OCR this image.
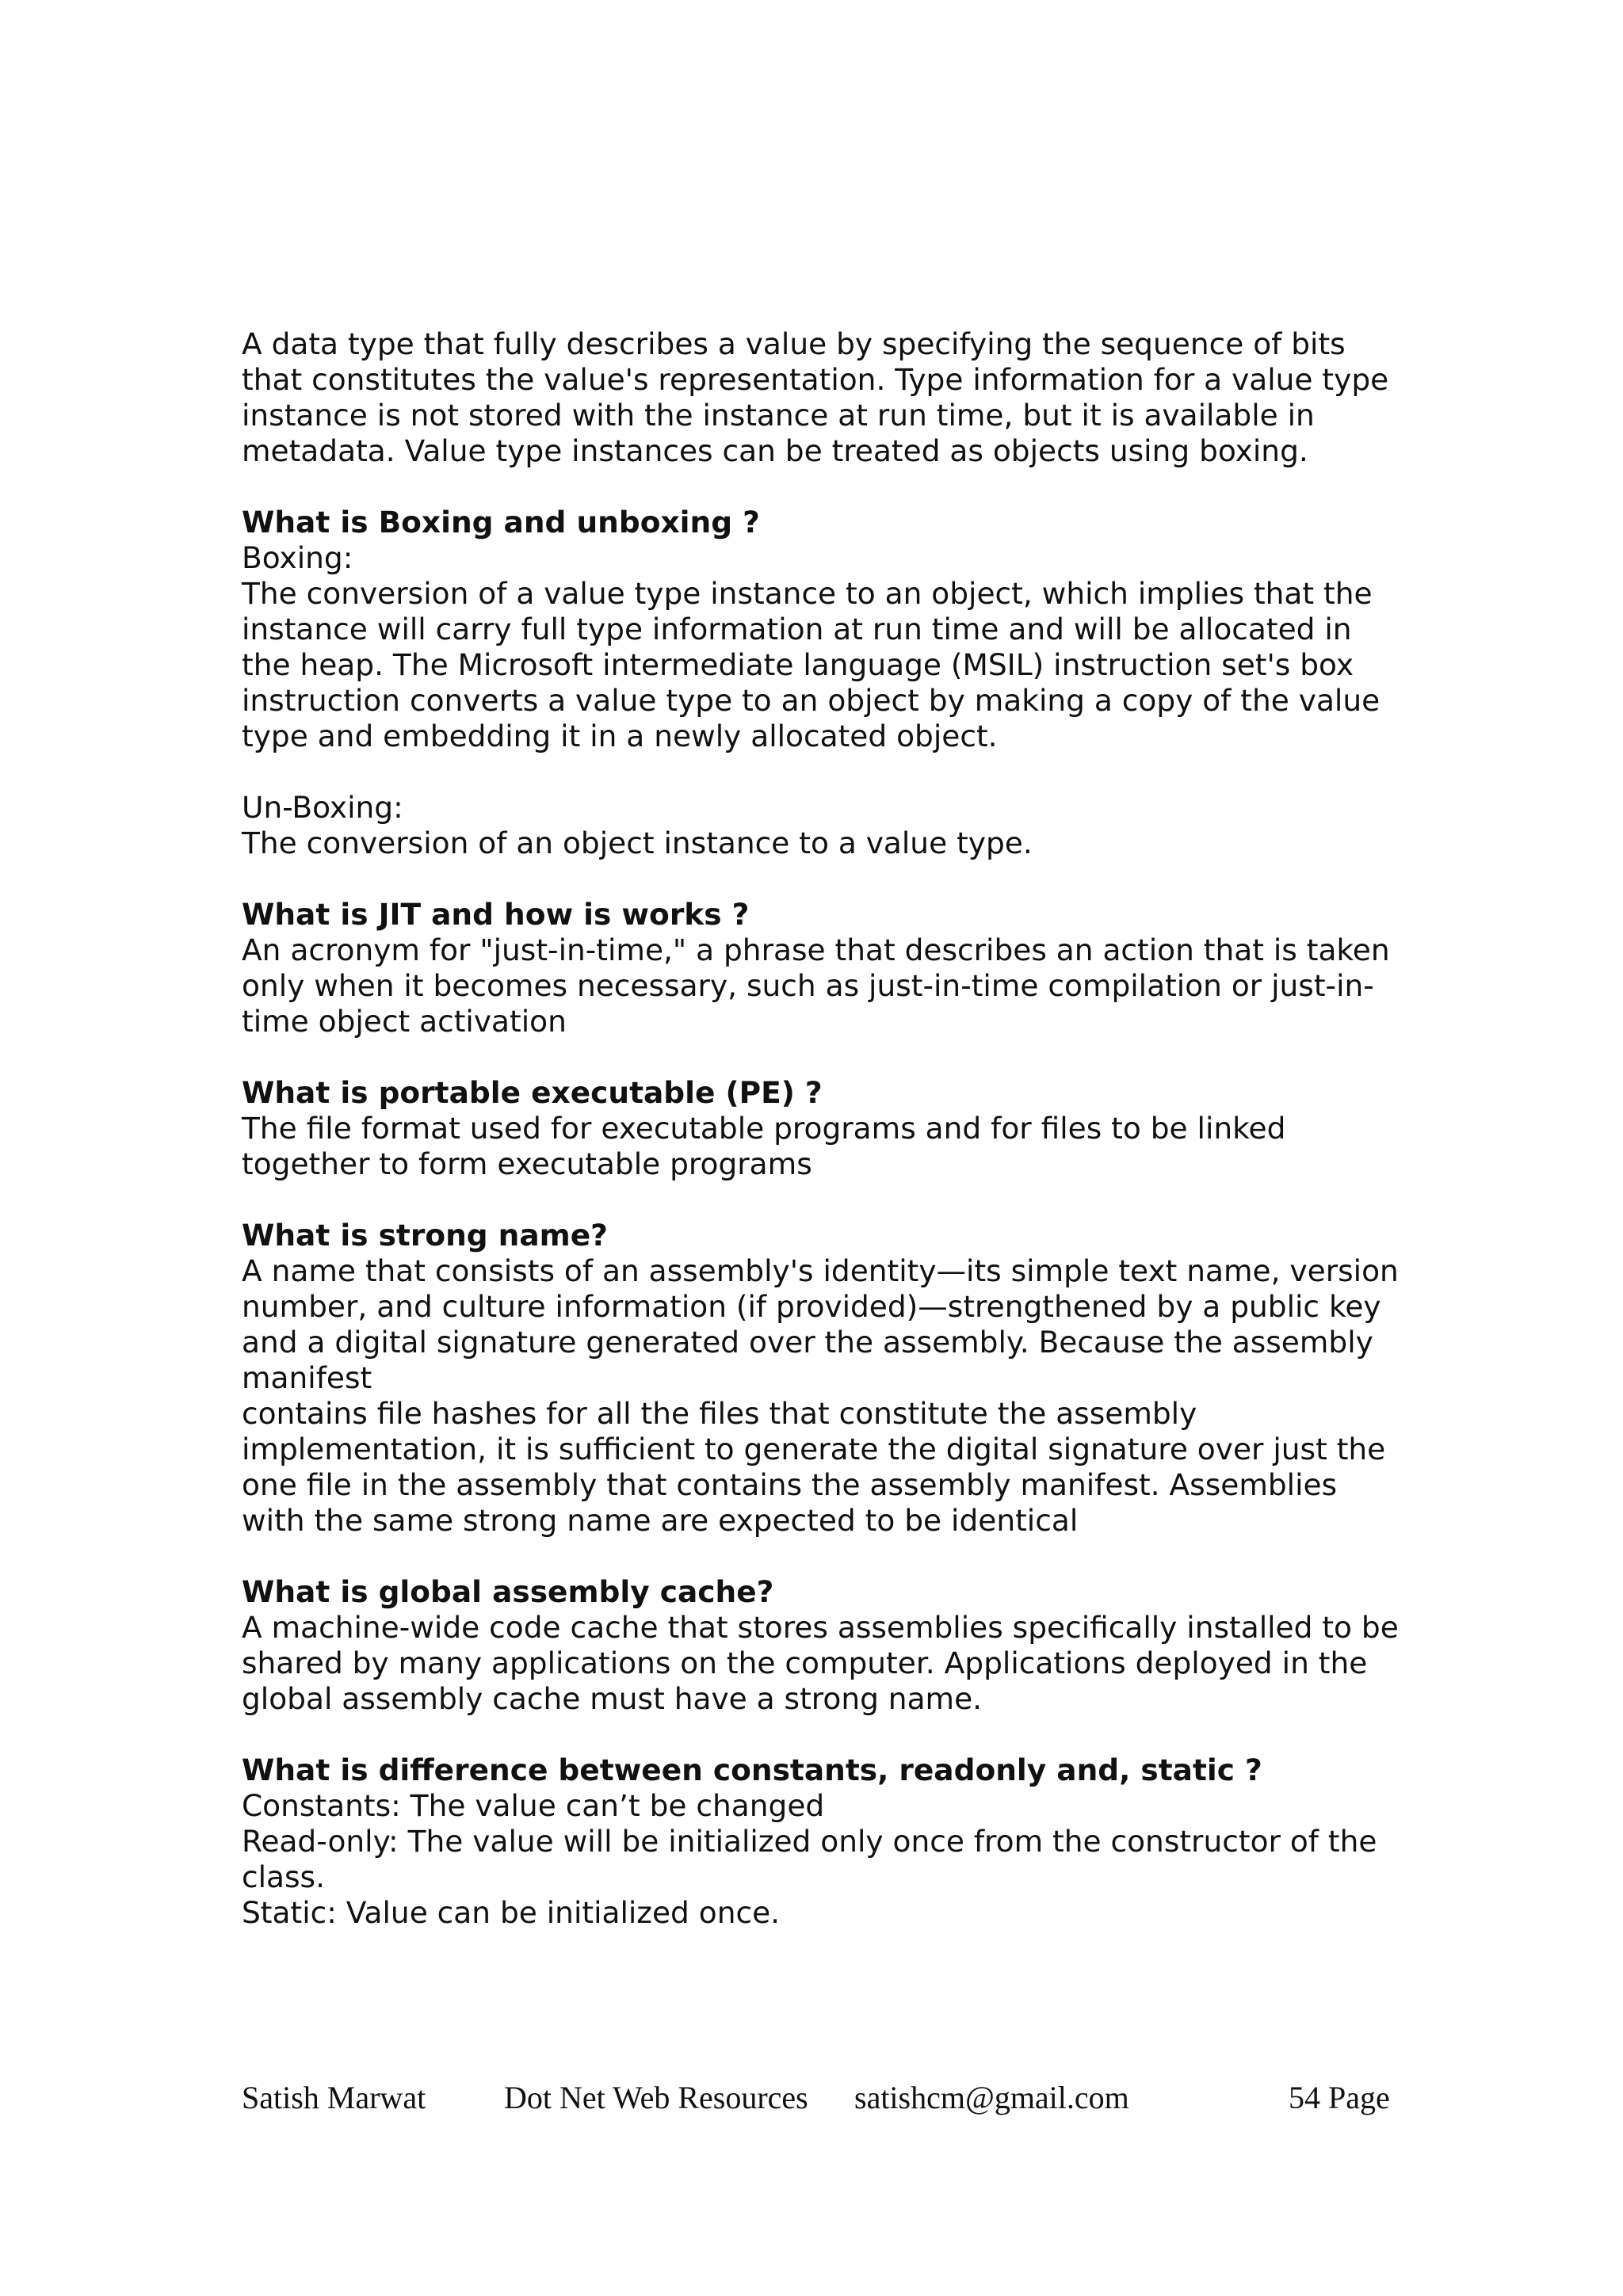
A data type that fully describes a value by specifying the sequence of bits
that constitutes the value's representation. Type information for a value type
instance is not stored with the instance at run time, but it is available in
metadata. Value type instances can be treated as objects using boxing.

What is Boxing and unboxing ?

Boxing:

The conversion of a value type instance to an object, which implies that the
instance will carry full type information at run time and will be allocated in
the heap. The Microsoft intermediate language (MSIL) instruction set's box
instruction converts a value type to an object by making a copy of the value
type and embedding it in a newly allocated object.

Un-Boxing:

The conversion of an object instance to a value type.

What is JIT and how is works ?

An acronym for "just-in-time," a phrase that describes an action that is taken
only when it becomes necessary, such as just-in-time compilation or just-in-
time object activation

What is portable executable (PE) ?

The file format used for executable programs and for files to be linked
together to form executable programs

What is strong name?

A name that consists of an assembly's identity—its simple text name, version
number, and culture information (if provided)—strengthened by a public key
and a digital signature generated over the assembly. Because the assembly
manifest
contains file hashes for all the files that constitute the assembly
implementation, it is sufficient to generate the digital signature over just the
one file in the assembly that contains the assembly manifest. Assemblies
with the same strong name are expected to be identical

What is global assembly cache?

A machine-wide code cache that stores assemblies specifically installed to be
shared by many applications on the computer. Applications deployed in the
global assembly cache must have a strong name.

What is difference between constants, readonly and, static ?

Constants: The value can’t be changed
Read-only: The value will be initialized only once from the constructor of the
class.
Static: Value can be initialized once.

Satish Marwat Dot Net Web Resources satishcm@gmail.com	54 Page
